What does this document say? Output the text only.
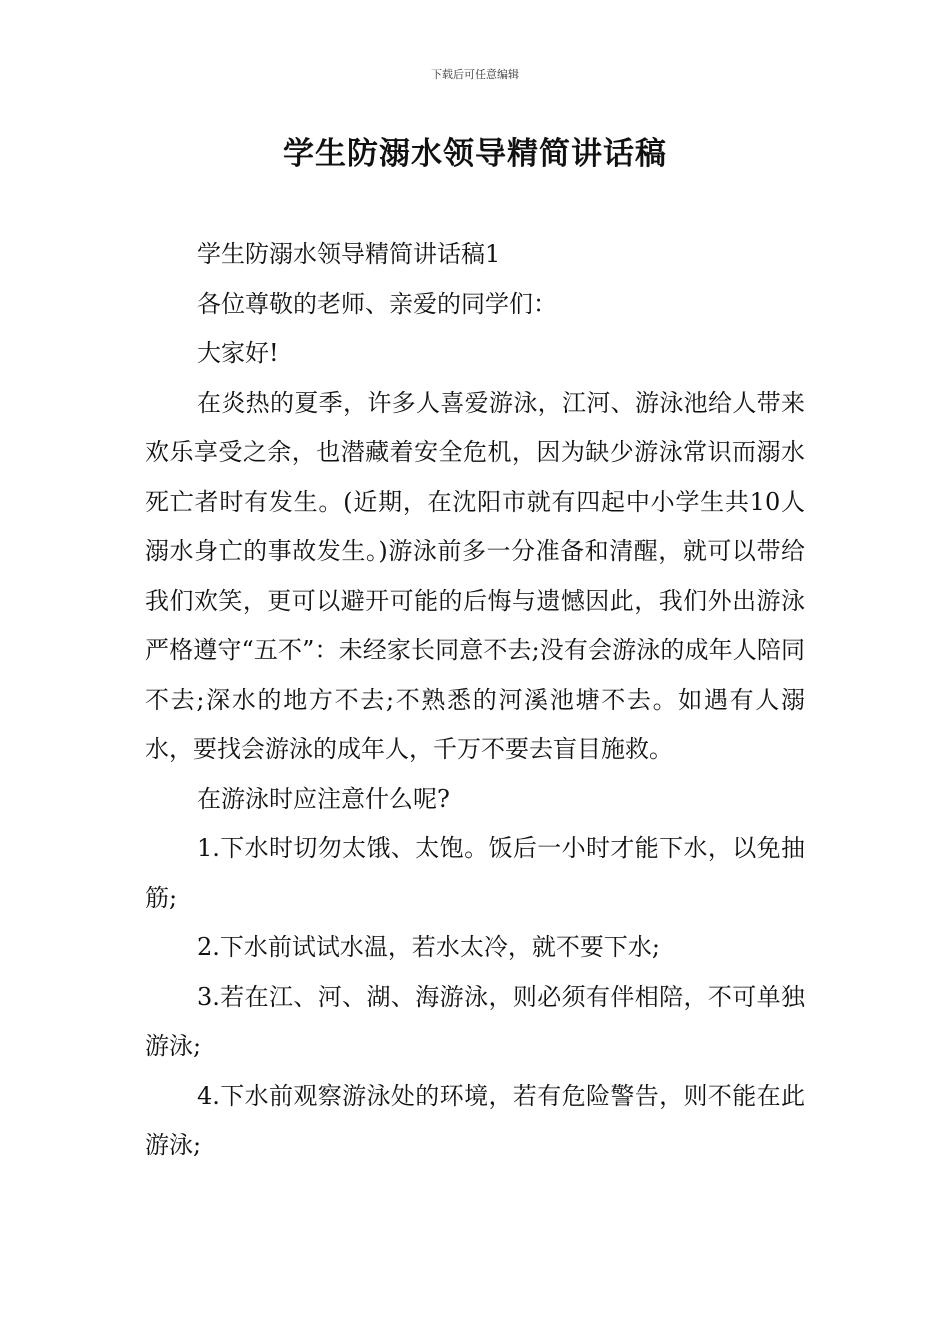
下载后可任意编辑
学生防溺水领导精简讲话稿

学生防溺水领导精简讲话稿1

各位尊敬的老师、亲爱的同学们：

大家好!

在炎热的夏季，许多人喜爱游泳，江河、游泳池给人带来欢乐享受之余，也潜藏着安全危机，因为缺少游泳常识而溺水死亡者时有发生。(近期，在沈阳市就有四起中小学生共10人溺水身亡的事故发生。)游泳前多一分准备和清醒，就可以带给我们欢笑，更可以避开可能的后悔与遗憾因此，我们外出游泳严格遵守“五不”：未经家长同意不去;没有会游泳的成年人陪同不去;深水的地方不去;不熟悉的河溪池塘不去。如遇有人溺水，要找会游泳的成年人，千万不要去盲目施救。

在游泳时应注意什么呢?

1.下水时切勿太饿、太饱。饭后一小时才能下水，以免抽筋;

2.下水前试试水温，若水太冷，就不要下水;

3.若在江、河、湖、海游泳，则必须有伴相陪，不可单独游泳;

4.下水前观察游泳处的环境，若有危险警告，则不能在此游泳;
